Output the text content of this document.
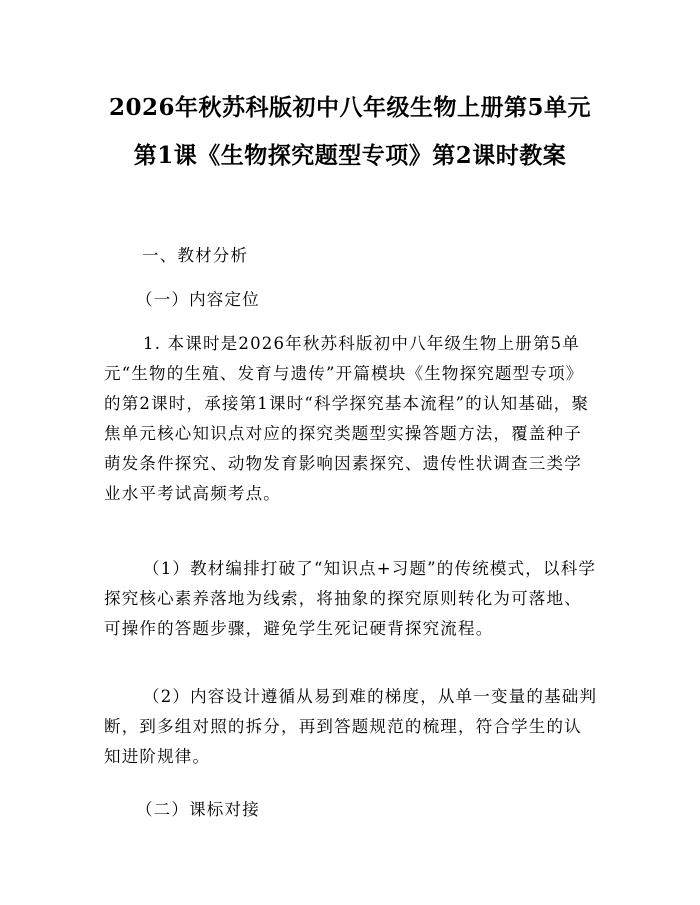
2026年秋苏科版初中八年级生物上册第5单元第1课《生物探究题型专项》第2课时教案

一、教材分析

（一）内容定位

1. 本课时是2026年秋苏科版初中八年级生物上册第5单元“生物的生殖、发育与遗传”开篇模块《生物探究题型专项》的第2课时，承接第1课时“科学探究基本流程”的认知基础，聚焦单元核心知识点对应的探究类题型实操答题方法，覆盖种子萌发条件探究、动物发育影响因素探究、遗传性状调查三类学业水平考试高频考点。

（1）教材编排打破了“知识点+习题”的传统模式，以科学探究核心素养落地为线索，将抽象的探究原则转化为可落地、可操作的答题步骤，避免学生死记硬背探究流程。

（2）内容设计遵循从易到难的梯度，从单一变量的基础判断，到多组对照的拆分，再到答题规范的梳理，符合学生的认知进阶规律。

（二）课标对接
